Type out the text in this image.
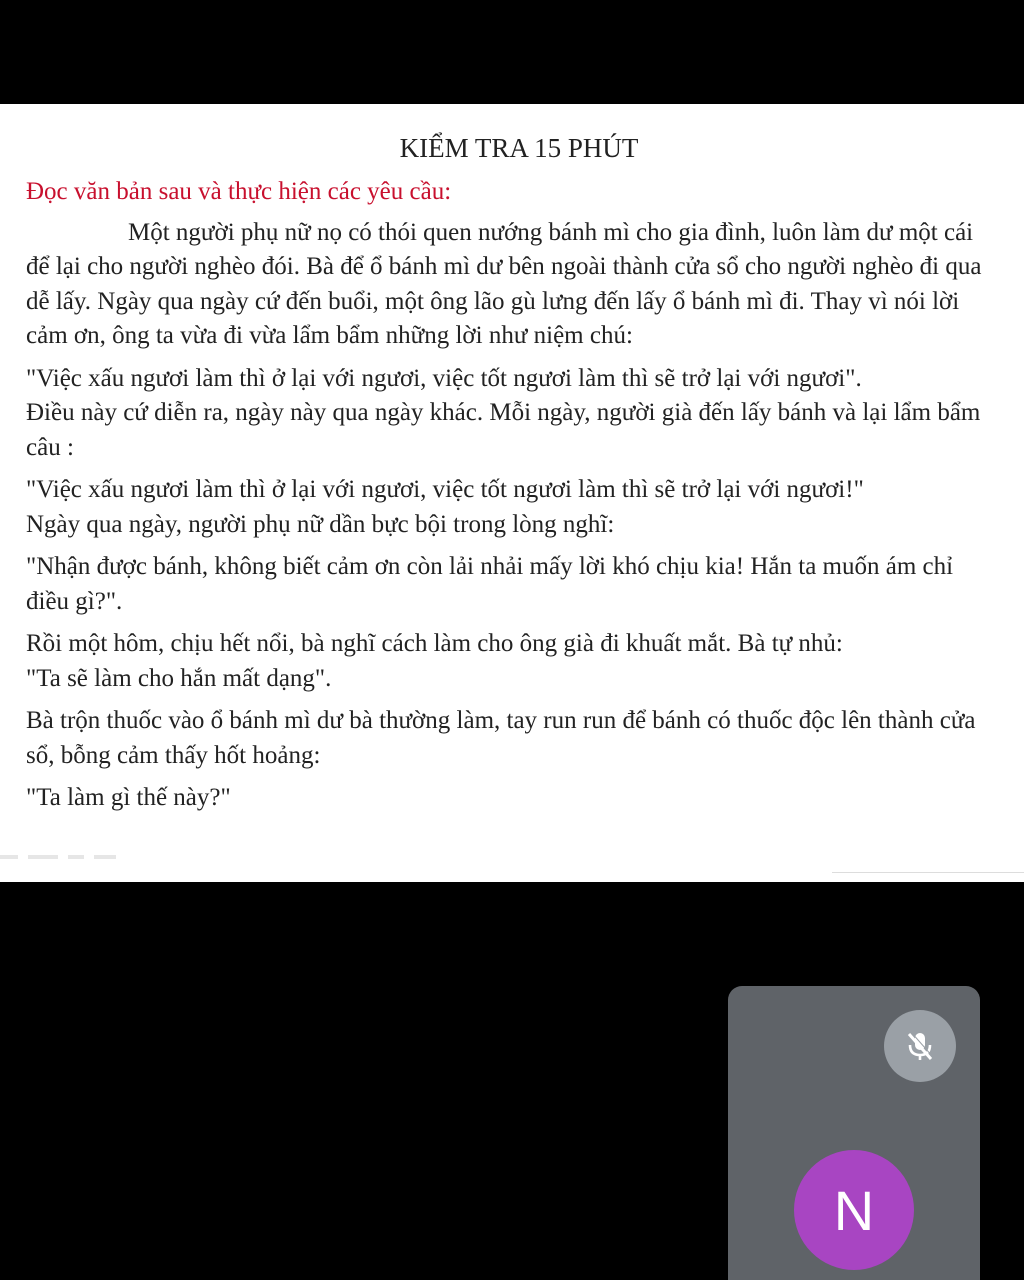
KIỂM TRA 15 PHÚT

Đọc văn bản sau và thực hiện các yêu cầu:

Một người phụ nữ nọ có thói quen nướng bánh mì cho gia đình, luôn làm dư một cái để lại cho người nghèo đói. Bà để ổ bánh mì dư bên ngoài thành cửa sổ cho người nghèo đi qua dễ lấy. Ngày qua ngày cứ đến buổi, một ông lão gù lưng đến lấy ổ bánh mì đi. Thay vì nói lời cảm ơn, ông ta vừa đi vừa lẩm bẩm những lời như niệm chú:

"Việc xấu ngươi làm thì ở lại với ngươi, việc tốt ngươi làm thì sẽ trở lại với ngươi".

Điều này cứ diễn ra, ngày này qua ngày khác. Mỗi ngày, người già đến lấy bánh và lại lẩm bẩm câu :

"Việc xấu ngươi làm thì ở lại với ngươi, việc tốt ngươi làm thì sẽ trở lại với ngươi!"

Ngày qua ngày, người phụ nữ dần bực bội trong lòng nghĩ:

"Nhận được bánh, không biết cảm ơn còn lải nhải mấy lời khó chịu kia! Hắn ta muốn ám chỉ điều gì?".

Rồi một hôm, chịu hết nổi, bà nghĩ cách làm cho ông già đi khuất mắt. Bà tự nhủ:

"Ta sẽ làm cho hắn mất dạng".

Bà trộn thuốc vào ổ bánh mì dư bà thường làm, tay run run để bánh có thuốc độc lên thành cửa sổ, bỗng cảm thấy hốt hoảng:

"Ta làm gì thế này?"

N
